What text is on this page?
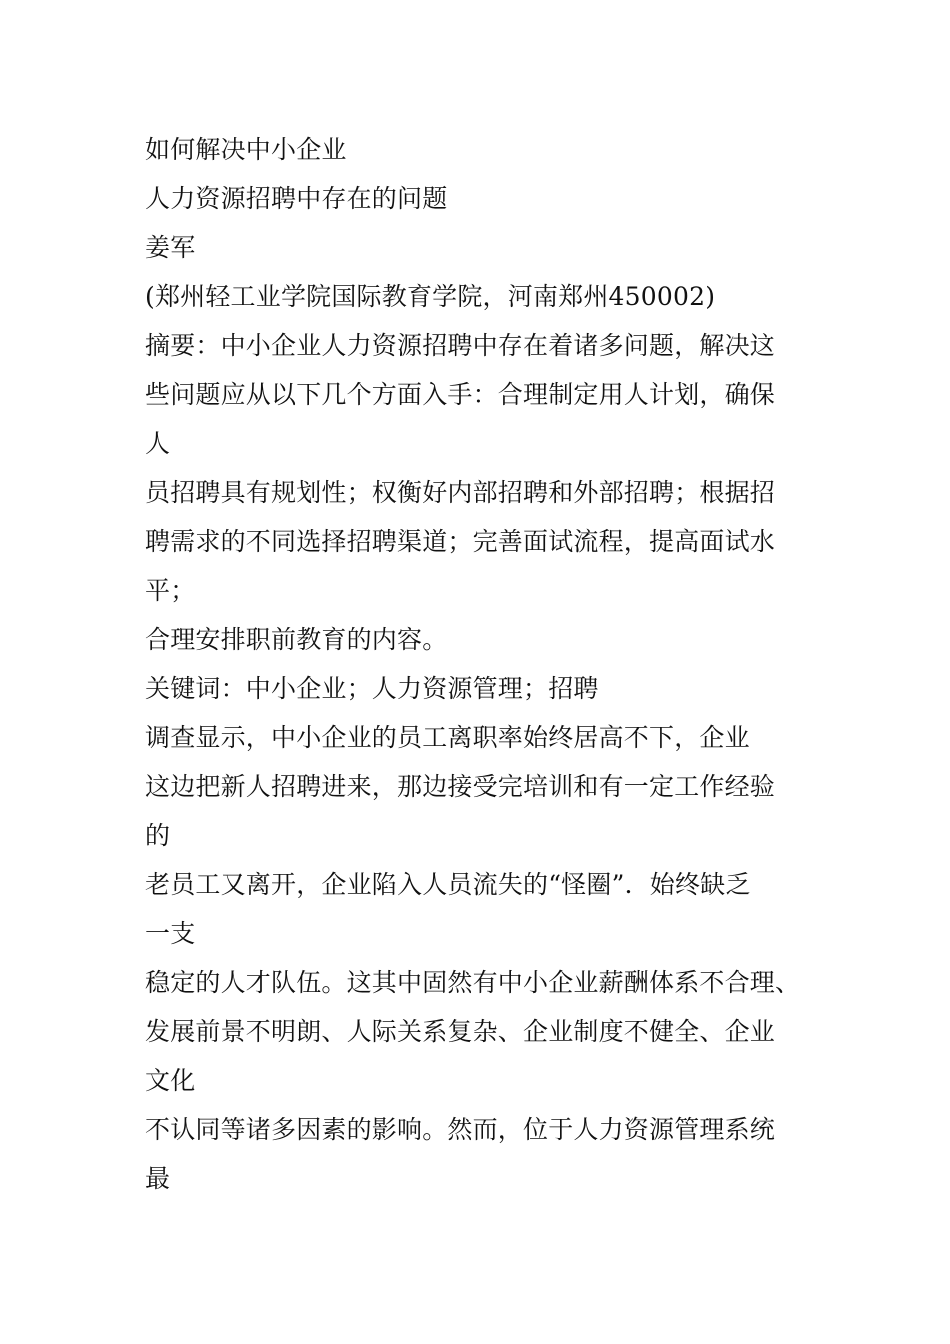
如何解决中小企业
人力资源招聘中存在的问题
姜军
(郑州轻工业学院国际教育学院，河南郑州450002)
摘要：中小企业人力资源招聘中存在着诸多问题，解决这
些问题应从以下几个方面入手：合理制定用人计划，确保
人
员招聘具有规划性；权衡好内部招聘和外部招聘；根据招
聘需求的不同选择招聘渠道；完善面试流程，提高面试水
平；
合理安排职前教育的内容。
关键词：中小企业；人力资源管理；招聘
调查显示，中小企业的员工离职率始终居高不下，企业
这边把新人招聘进来，那边接受完培训和有一定工作经验
的
老员工又离开，企业陷入人员流失的“怪圈”．始终缺乏
一支
稳定的人才队伍。这其中固然有中小企业薪酬体系不合理、
发展前景不明朗、人际关系复杂、企业制度不健全、企业
文化
不认同等诸多因素的影响。然而，位于人力资源管理系统
最
